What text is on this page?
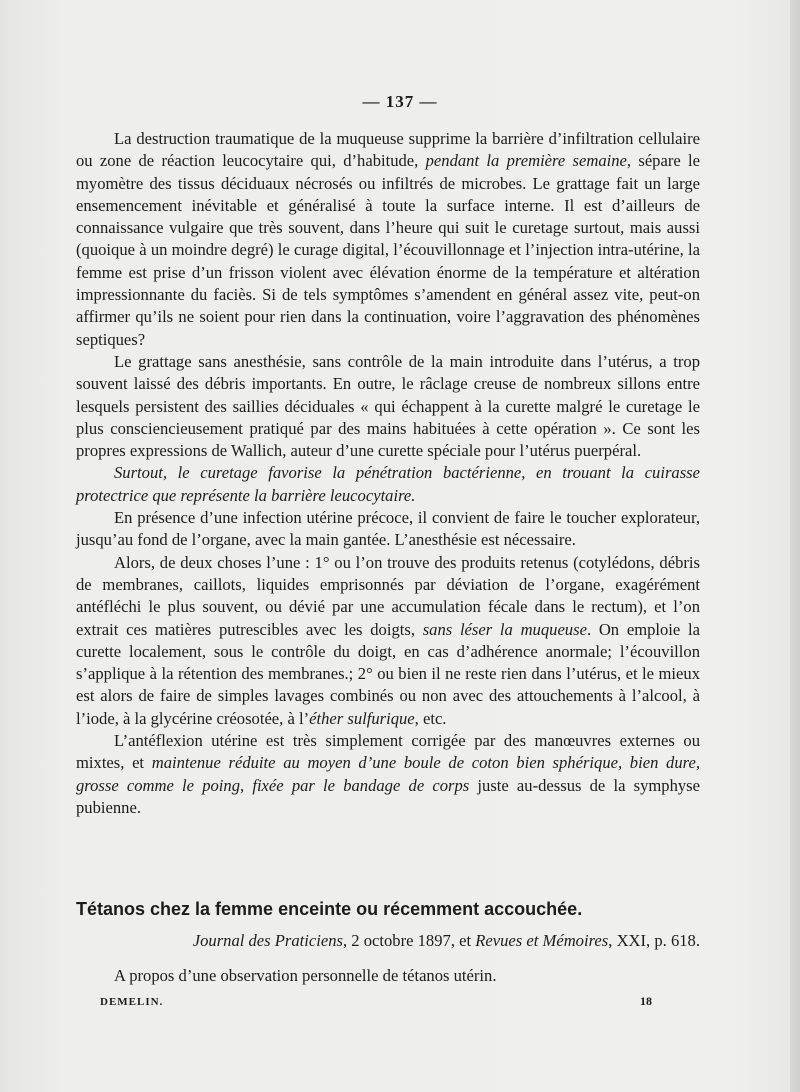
— 137 —

La destruction traumatique de la muqueuse supprime la barrière d’infiltration cellulaire ou zone de réaction leucocytaire qui, d’habitude, pendant la première semaine, sépare le myomètre des tissus déciduaux nécrosés ou infiltrés de microbes. Le grattage fait un large ensemencement inévitable et généralisé à toute la surface interne. Il est d’ailleurs de connaissance vulgaire que très souvent, dans l’heure qui suit le curetage surtout, mais aussi (quoique à un moindre degré) le curage digital, l’écouvillonnage et l’injection intra-utérine, la femme est prise d’un frisson violent avec élévation énorme de la température et altération impressionnante du faciès. Si de tels symptômes s’amendent en général assez vite, peut-on affirmer qu’ils ne soient pour rien dans la continuation, voire l’aggravation des phénomènes septiques?

Le grattage sans anesthésie, sans contrôle de la main introduite dans l’utérus, a trop souvent laissé des débris importants. En outre, le râclage creuse de nombreux sillons entre lesquels persistent des saillies déciduales « qui échappent à la curette malgré le curetage le plus consciencieusement pratiqué par des mains habituées à cette opération ». Ce sont les propres expressions de Wallich, auteur d’une curette spéciale pour l’utérus puerpéral.

Surtout, le curetage favorise la pénétration bactérienne, en trouant la cuirasse protectrice que représente la barrière leucocytaire.

En présence d’une infection utérine précoce, il convient de faire le toucher explorateur, jusqu’au fond de l’organe, avec la main gantée. L’anesthésie est nécessaire.

Alors, de deux choses l’une : 1° ou l’on trouve des produits retenus (cotylédons, débris de membranes, caillots, liquides emprisonnés par déviation de l’organe, exagérément antéfléchi le plus souvent, ou dévié par une accumulation fécale dans le rectum), et l’on extrait ces matières putrescibles avec les doigts, sans léser la muqueuse. On emploie la curette localement, sous le contrôle du doigt, en cas d’adhérence anormale; l’écouvillon s’applique à la rétention des membranes.; 2° ou bien il ne reste rien dans l’utérus, et le mieux est alors de faire de simples lavages combinés ou non avec des attouchements à l’alcool, à l’iode, à la glycérine créosotée, à l’éther sulfurique, etc.

L’antéflexion utérine est très simplement corrigée par des manœuvres externes ou mixtes, et maintenue réduite au moyen d’une boule de coton bien sphérique, bien dure, grosse comme le poing, fixée par le bandage de corps juste au-dessus de la symphyse pubienne.

Tétanos chez la femme enceinte ou récemment accouchée.
Journal des Praticiens, 2 octobre 1897, et Revues et Mémoires, XXI, p. 618.
A propos d’une observation personnelle de tétanos utérin.
DEMELIN.	18
